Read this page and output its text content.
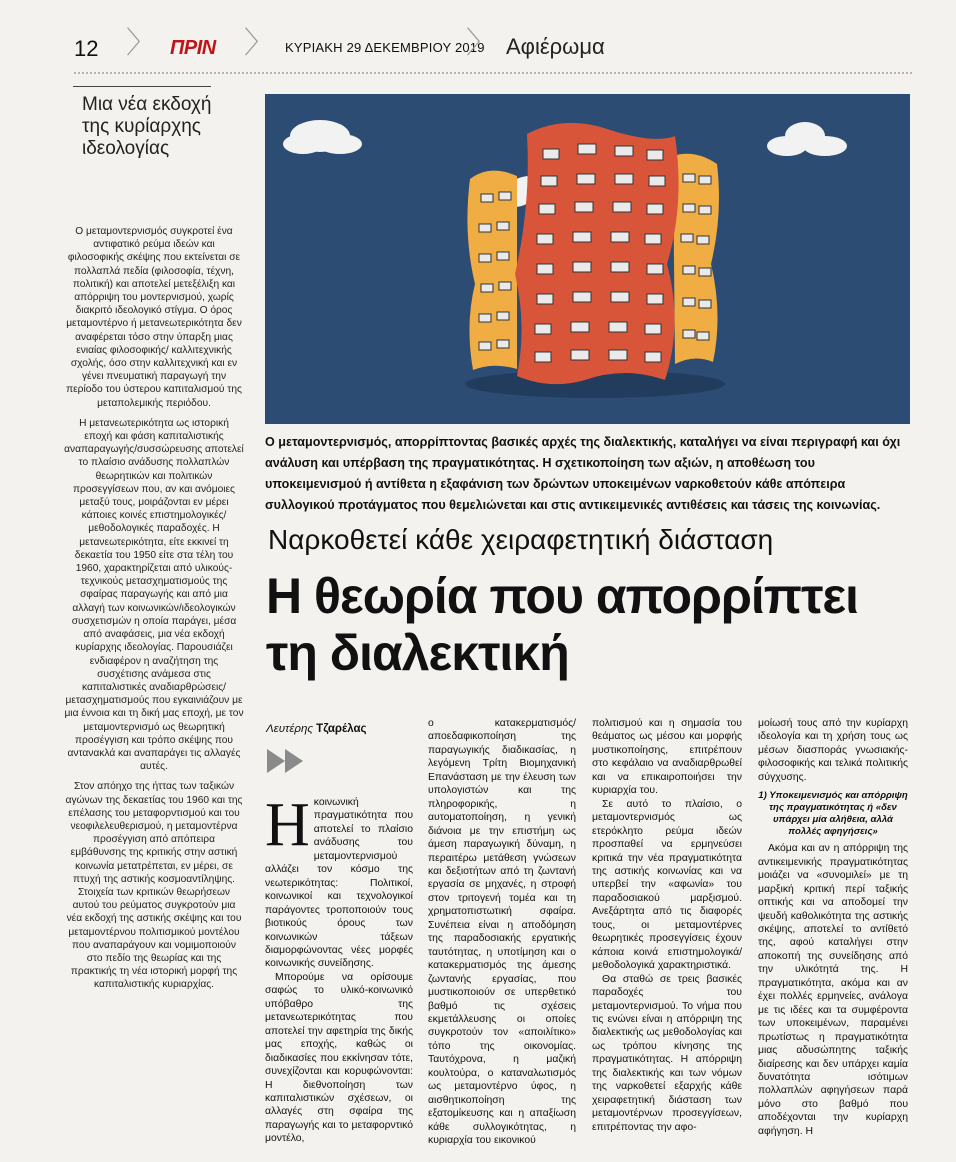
12 〉 ΠΡΙΝ 〉 ΚΥΡΙΑΚΗ 29 ΔΕΚΕΜΒΡΙΟΥ 2019
〉 Αφιέρωμα
Μια νέα εκδοχή της κυρίαρχης ιδεολογίας

Ο μεταμοντερνισμός συγκροτεί ένα αντιφατικό ρεύμα ιδεών και φιλοσοφικής σκέψης που εκτείνεται σε πολλαπλά πεδία (φιλοσοφία, τέχνη, πολιτική) και αποτελεί μετεξέλιξη και απόρριψη του μοντερνισμού, χωρίς διακριτό ιδεολογικό στίγμα. Ο όρος μεταμοντέρνο ή μετανεωτερικότητα δεν αναφέρεται τόσο στην ύπαρξη μιας ενιαίας φιλοσοφικής/ καλλιτεχνικής σχολής, όσο στην καλλιτεχνική και εν γένει πνευματική παραγωγή την περίοδο του ύστερου καπιταλισμού της μεταπολεμικής περιόδου.

Η μετανεωτερικότητα ως ιστορική εποχή και φάση καπιταλιστικής αναπαραγωγής/συσσώρευσης αποτελεί το πλαίσιο ανάδυσης πολλαπλών θεωρητικών και πολιτικών προσεγγίσεων που, αν και ανόμοιες μεταξύ τους, μοιράζονται εν μέρει κάποιες κοινές επιστημολογικές/μεθοδολογικές παραδοχές. Η μετανεωτερικότητα, είτε εκκινεί τη δεκαετία του 1950 είτε στα τέλη του 1960, χαρακτηρίζεται από υλικούς-τεχνικούς μετασχηματισμούς της σφαίρας παραγωγής και από μια αλλαγή των κοινωνικών/ιδεολογικών συσχετισμών η οποία παράγει, μέσα από αναφάσεις, μια νέα εκδοχή κυρίαρχης ιδεολογίας. Παρουσιάζει ενδιαφέρον η αναζήτηση της συσχέτισης ανάμεσα στις καπιταλιστικές αναδιαρθρώσεις/ μετασχηματισμούς που εγκαινιάζουν με μια έννοια και τη δική μας εποχή, με τον μεταμοντερνισμό ως θεωρητική προσέγγιση και τρόπο σκέψης που αντανακλά και αναπαράγει τις αλλαγές αυτές.

Στον απόηχο της ήττας των ταξικών αγώνων της δεκαετίας του 1960 και της επέλασης του μεταφορντισμού και του νεοφιλελευθερισμού, η μεταμοντέρνα προσέγγιση από απόπειρα εμβάθυνσης της κριτικής στην αστική κοινωνία μετατρέπεται, εν μέρει, σε πτυχή της αστικής κοσμοαντίληψης. Στοιχεία των κριτικών θεωρήσεων αυτού του ρεύματος συγκροτούν μια νέα εκδοχή της αστικής σκέψης και του μεταμοντέρνου πολιτισμικού μοντέλου που αναπαράγουν και νομιμοποιούν στο πεδίο της θεωρίας και της πρακτικής τη νέα ιστορική μορφή της καπιταλιστικής κυριαρχίας.

Ο μεταμοντερνισμός, απορρίπτοντας βασικές αρχές της διαλεκτικής, καταλήγει να είναι περιγραφή και όχι ανάλυση και υπέρβαση της πραγματικότητας. Η σχετικοποίηση των αξιών, η αποθέωση του υποκειμενισμού ή αντίθετα η εξαφάνιση των δρώντων υποκειμένων ναρκοθετούν κάθε απόπειρα συλλογικού προτάγματος που θεμελιώνεται και στις αντικειμενικές αντιθέσεις και τάσεις της κοινωνίας.
Ναρκοθετεί κάθε χειραφετητική διάσταση
Η θεωρία που απορρίπτει τη διαλεκτική
Λευτέρης Τζαρέλας
Η κοινωνική πραγματικότητα που αποτελεί το πλαίσιο ανάδυσης του μεταμοντερνισμού αλλάζει τον κόσμο της νεωτερικότητας: Πολιτικοί, κοινωνικοί και τεχνολογικοί παράγοντες τροποποιούν τους βιοτικούς όρους των κοινωνικών τάξεων διαμορφώνοντας νέες μορφές κοινωνικής συνείδησης.

Μπορούμε να ορίσουμε σαφώς το υλικό-κοινωνικό υπόβαθρο της μετανεωτερικότητας που αποτελεί την αφετηρία της δικής μας εποχής, καθώς οι διαδικασίες που εκκίνησαν τότε, συνεχίζονται και κορυφώνονται: Η διεθνοποίηση των καπιταλιστικών σχέσεων, οι αλλαγές στη σφαίρα της παραγωγής και το μεταφορντικό μοντέλο,

ο κατακερματισμός/αποεδαφικοποίηση της παραγωγικής διαδικασίας, η λεγόμενη Τρίτη Βιομηχανική Επανάσταση με την έλευση των υπολογιστών και της πληροφορικής, η αυτοματοποίηση, η γενική διάνοια με την επιστήμη ως άμεση παραγωγική δύναμη, η περαιτέρω μετάθεση γνώσεων και δεξιοτήτων από τη ζωντανή εργασία σε μηχανές, η στροφή στον τριτογενή τομέα και τη χρηματοπιστωτική σφαίρα. Συνέπεια είναι η αποδόμηση της παραδοσιακής εργατικής ταυτότητας, η υποτίμηση και ο κατακερματισμός της άμεσης ζωντανής εργασίας, που μυστικοποιούν σε υπερθετικό βαθμό τις σχέσεις εκμετάλλευσης οι οποίες συγκροτούν τον «αποιλίτικο» τόπο της οικονομίας. Ταυτόχρονα, η μαζική κουλτούρα, ο καταναλωτισμός ως μεταμοντέρνο ύφος, η αισθητικοποίηση της εξατομίκευσης και η απαξίωση κάθε συλλογικότητας, η κυριαρχία του εικονικού

πολιτισμού και η σημασία του θεάματος ως μέσου και μορφής μυστικοποίησης, επιτρέπουν στο κεφάλαιο να αναδιαρθρωθεί και να επικαιροποιήσει την κυριαρχία του.

Σε αυτό το πλαίσιο, ο μεταμοντερνισμός ως ετερόκλητο ρεύμα ιδεών προσπαθεί να ερμηνεύσει κριτικά την νέα πραγματικότητα της αστικής κοινωνίας και να υπερβεί την «αφωνία» του παραδοσιακού μαρξισμού. Ανεξάρτητα από τις διαφορές τους, οι μεταμοντέρνες θεωρητικές προσεγγίσεις έχουν κάποια κοινά επιστημολογικά/ μεθοδολογικά χαρακτηριστικά.

Θα σταθώ σε τρεις βασικές παραδοχές του μεταμοντερνισμού. Το νήμα που τις ενώνει είναι η απόρριψη της διαλεκτικής ως μεθοδολογίας και ως τρόπου κίνησης της πραγματικότητας. Η απόρριψη της διαλεκτικής και των νόμων της ναρκοθετεί εξαρχής κάθε χειραφετητική διάσταση των μεταμοντέρνων προσεγγίσεων, επιτρέποντας την αφο-

μοίωσή τους από την κυρίαρχη ιδεολογία και τη χρήση τους ως μέσων διασποράς γνωσιακής-φιλοσοφικής και τελικά πολιτικής σύγχυσης.

1) Υποκειμενισμός και απόρριψη της πραγματικότητας ή «δεν υπάρχει μία αλήθεια, αλλά πολλές αφηγήσεις»

Ακόμα και αν η απόρριψη της αντικειμενικής πραγματικότητας μοιάζει να «συνομιλεί» με τη μαρξική κριτική περί ταξικής οπτικής και να αποδομεί την ψευδή καθολικότητα της αστικής σκέψης, αποτελεί το αντίθετό της, αφού καταλήγει στην αποκοπή της συνείδησης από την υλικότητά της. Η πραγματικότητα, ακόμα και αν έχει πολλές ερμηνείες, ανάλογα με τις ιδέες και τα συμφέροντα των υποκειμένων, παραμένει πρωτίστως η πραγματικότητα μιας αδυσώπητης ταξικής διαίρεσης και δεν υπάρχει καμία δυνατότητα ισότιμων πολλαπλών αφηγήσεων παρά μόνο στο βαθμό που αποδέχονται την κυρίαρχη αφήγηση. Η
